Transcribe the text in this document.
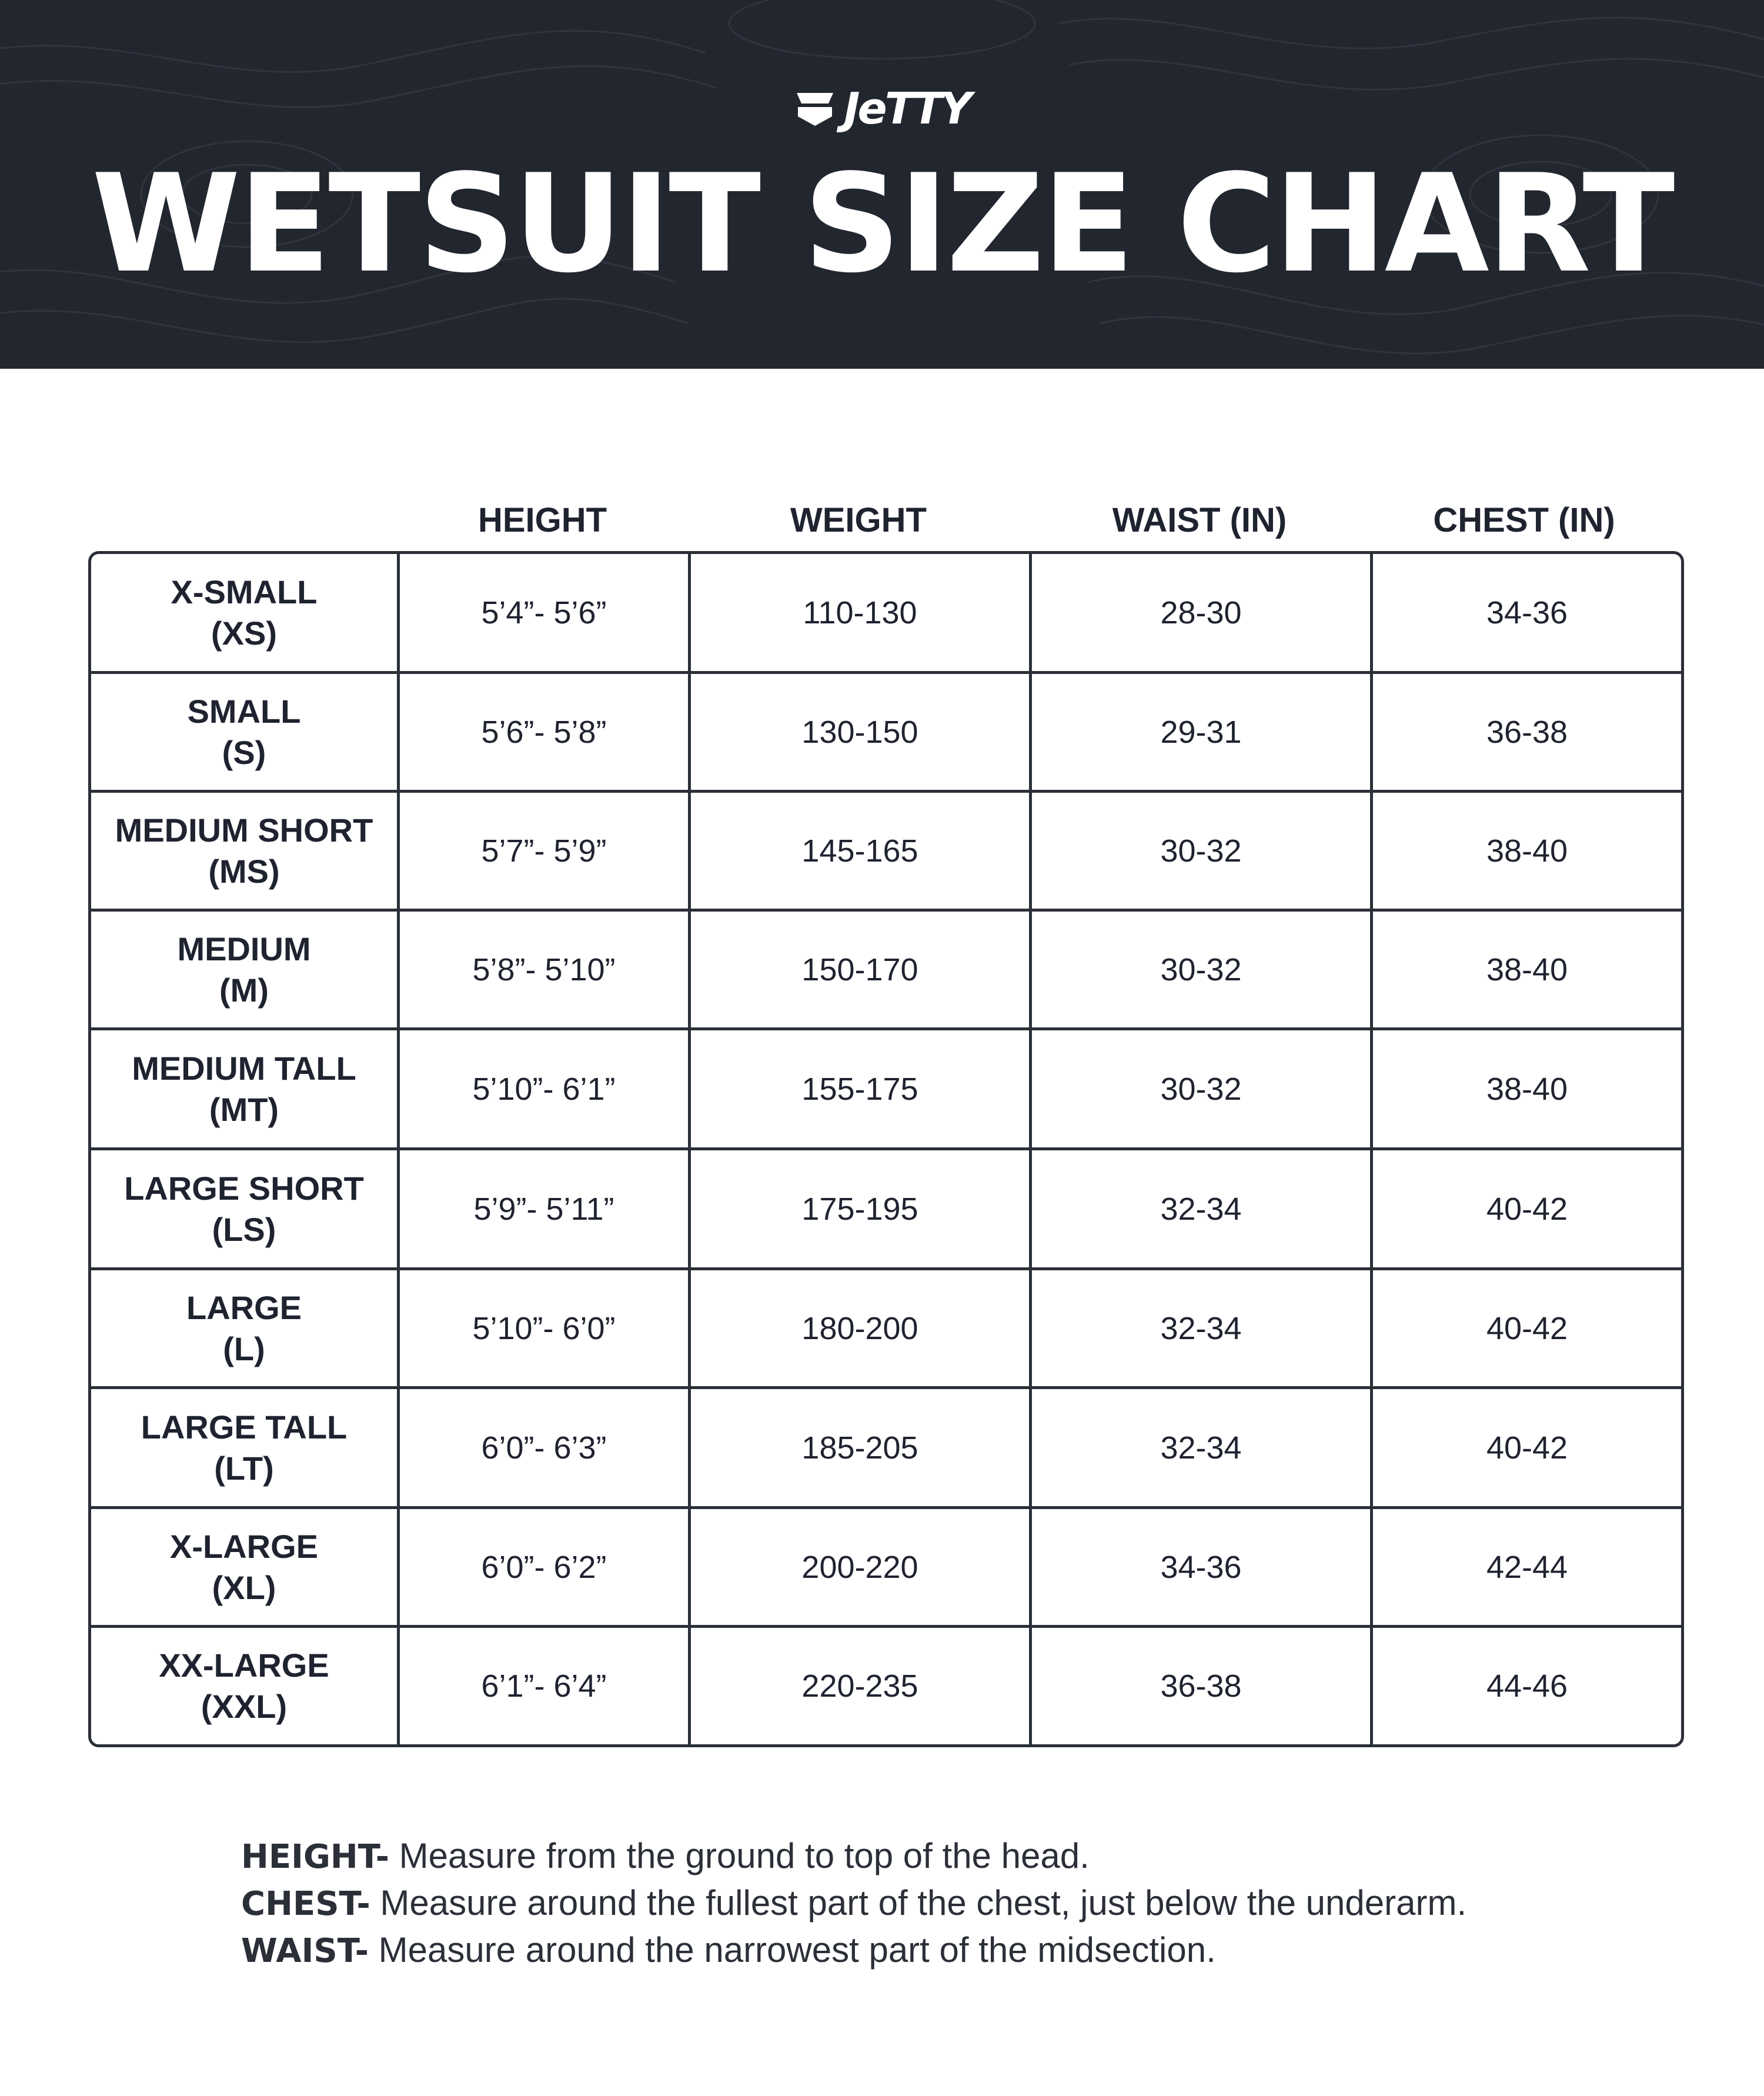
JeTTY
WETSUIT SIZE CHART
HEIGHT	WEIGHT	WAIST (IN)	CHEST (IN)
X-SMALL
(XS)
5’4”- 5’6”	110-130	28-30	34-36
SMALL
(S)
5’6”- 5’8”	130-150	29-31	36-38
MEDIUM SHORT
(MS)
5’7”- 5’9”	145-165	30-32	38-40
MEDIUM
(M)
5’8”- 5’10”	150-170	30-32	38-40
MEDIUM TALL
(MT)
5’10”- 6’1”	155-175	30-32	38-40
LARGE SHORT
(LS)
5’9”- 5’11”	175-195	32-34	40-42
LARGE
(L)
5’10”- 6’0”	180-200	32-34	40-42
LARGE TALL
(LT)
6’0”- 6’3”	185-205	32-34	40-42
X-LARGE
(XL)
6’0”- 6’2”	200-220	34-36	42-44
XX-LARGE
(XXL)
6’1”- 6’4”	220-235	36-38	44-46
HEIGHT- Measure from the ground to top of the head.
CHEST- Measure around the fullest part of the chest, just below the underarm.
WAIST- Measure around the narrowest part of the midsection.
